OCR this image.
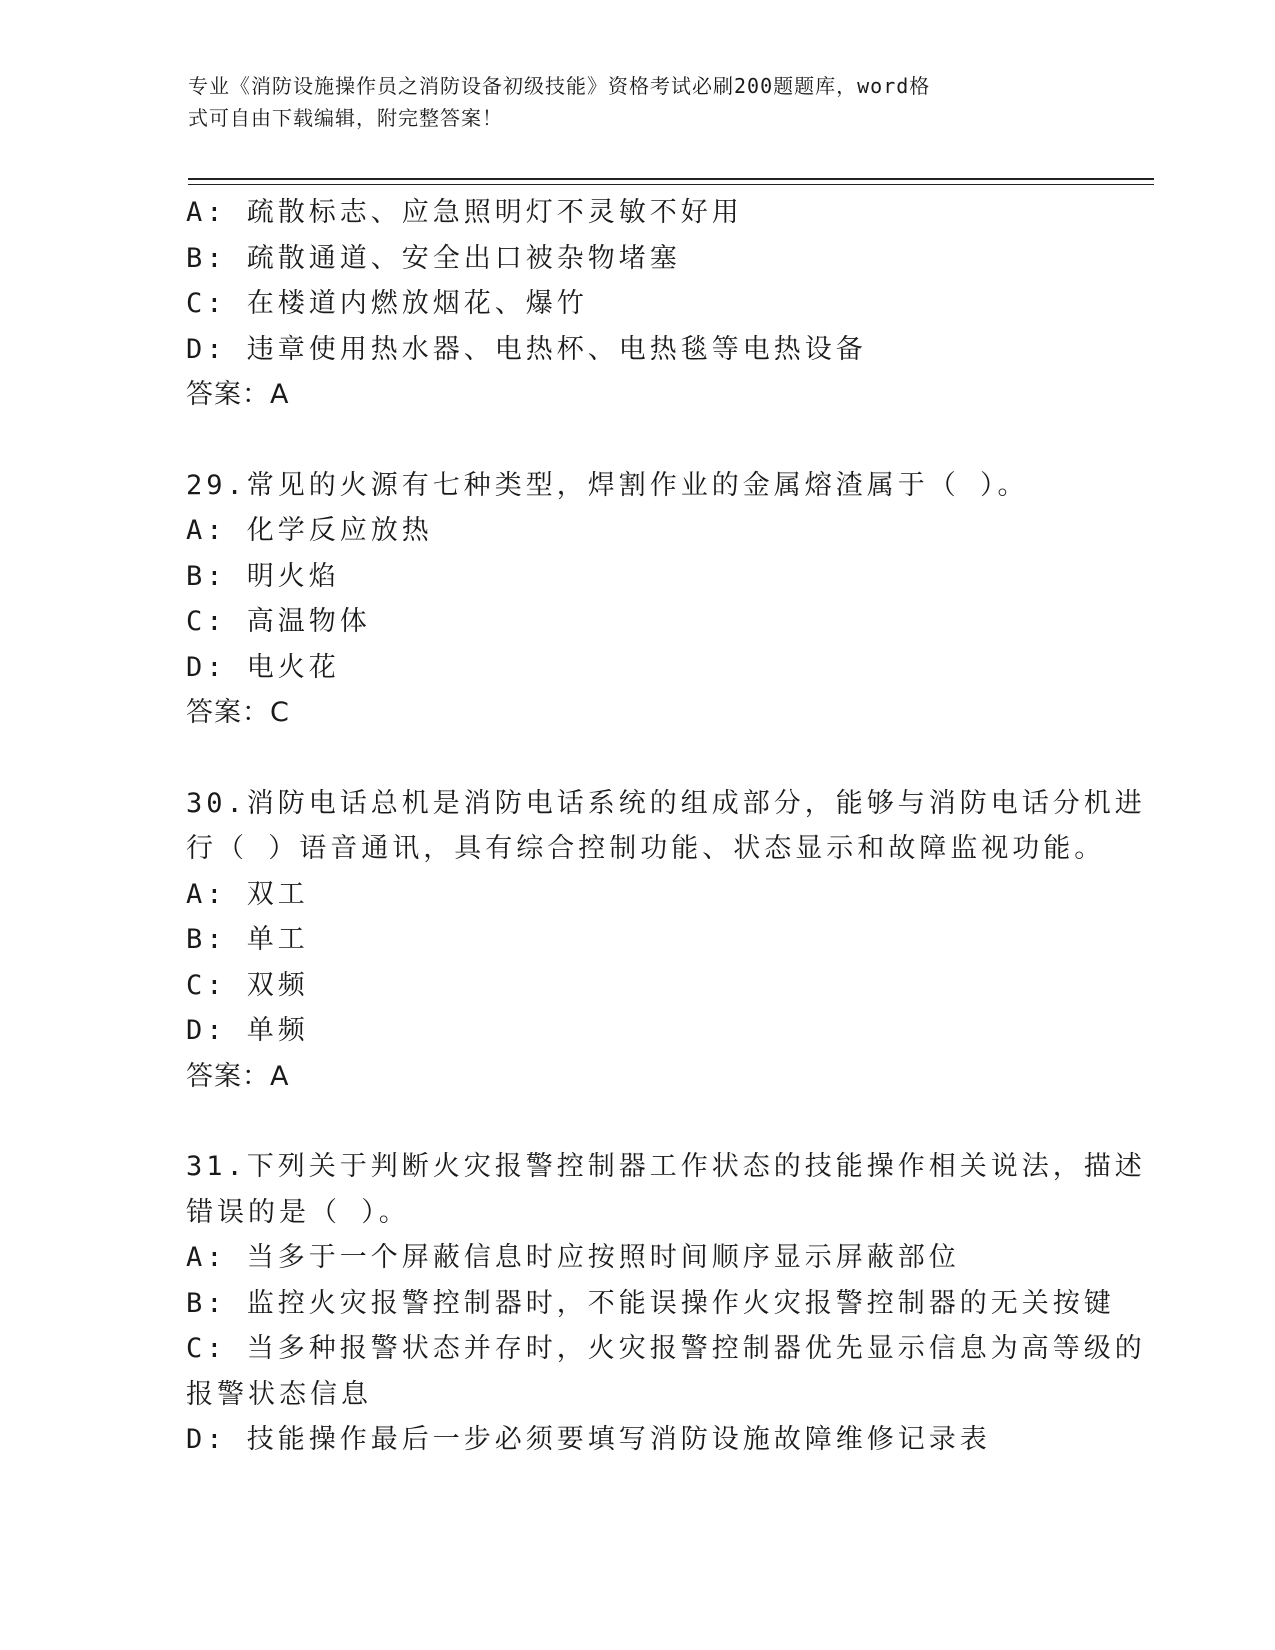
专业《消防设施操作员之消防设备初级技能》资格考试必刷200题题库，word格
式可自由下载编辑，附完整答案！
A: 疏散标志、应急照明灯不灵敏不好用
B: 疏散通道、安全出口被杂物堵塞
C: 在楼道内燃放烟花、爆竹
D: 违章使用热水器、电热杯、电热毯等电热设备
答案：A
29.常见的火源有七种类型，焊割作业的金属熔渣属于（ ）。
A: 化学反应放热
B: 明火焰
C: 高温物体
D: 电火花
答案：C
30.消防电话总机是消防电话系统的组成部分，能够与消防电话分机进
行（ ）语音通讯，具有综合控制功能、状态显示和故障监视功能。
A: 双工
B: 单工
C: 双频
D: 单频
答案：A
31.下列关于判断火灾报警控制器工作状态的技能操作相关说法，描述
错误的是（ ）。
A: 当多于一个屏蔽信息时应按照时间顺序显示屏蔽部位
B: 监控火灾报警控制器时，不能误操作火灾报警控制器的无关按键
C: 当多种报警状态并存时，火灾报警控制器优先显示信息为高等级的
报警状态信息
D: 技能操作最后一步必须要填写消防设施故障维修记录表
